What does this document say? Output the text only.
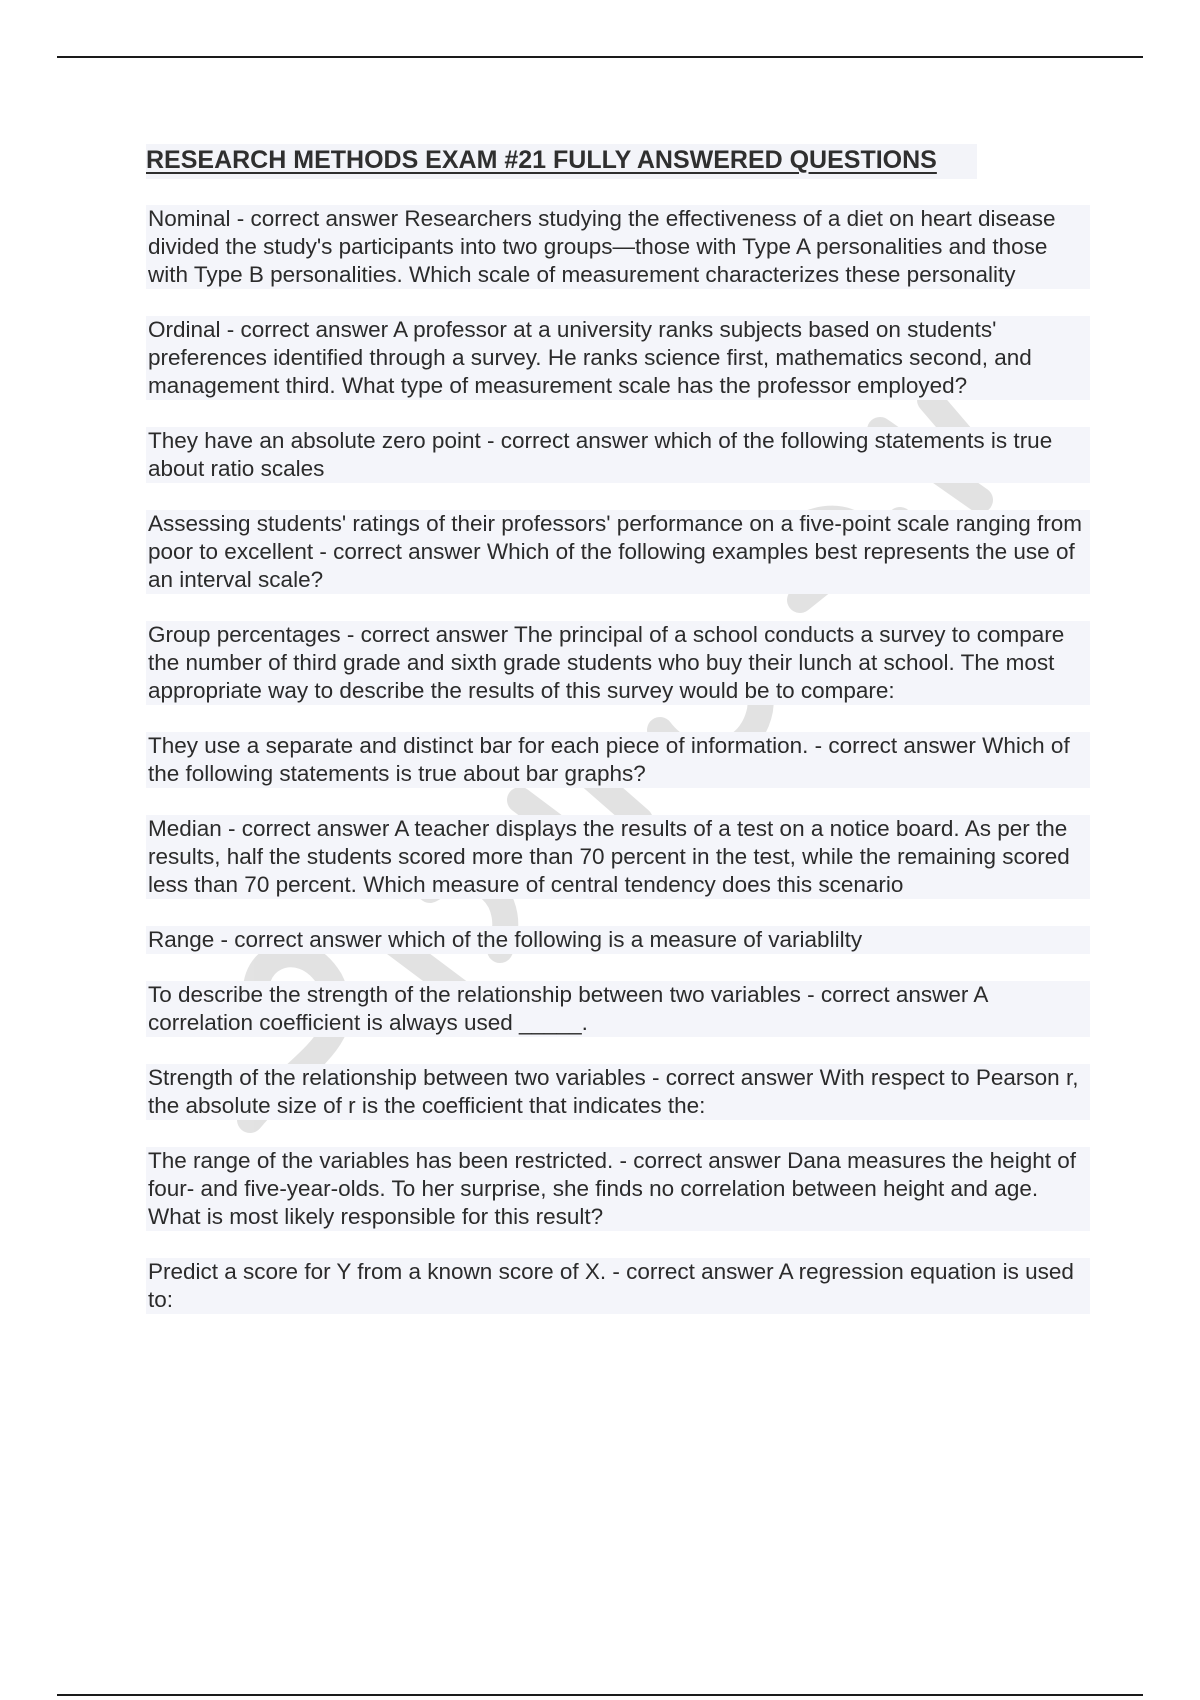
RESEARCH METHODS EXAM #21 FULLY ANSWERED QUESTIONS

Nominal - correct answer Researchers studying the effectiveness of a diet on heart disease divided the study's participants into two groups—those with Type A personalities and those with Type B personalities. Which scale of measurement characterizes these personality

Ordinal - correct answer A professor at a university ranks subjects based on students' preferences identified through a survey. He ranks science first, mathematics second, and management third. What type of measurement scale has the professor employed?

They have an absolute zero point - correct answer which of the following statements is true about ratio scales

Assessing students' ratings of their professors' performance on a five-point scale ranging from poor to excellent - correct answer Which of the following examples best represents the use of an interval scale?

Group percentages - correct answer The principal of a school conducts a survey to compare the number of third grade and sixth grade students who buy their lunch at school. The most appropriate way to describe the results of this survey would be to compare:

They use a separate and distinct bar for each piece of information. - correct answer Which of the following statements is true about bar graphs?

Median - correct answer A teacher displays the results of a test on a notice board. As per the results, half the students scored more than 70 percent in the test, while the remaining scored less than 70 percent. Which measure of central tendency does this scenario

Range - correct answer which of the following is a measure of variablilty

To describe the strength of the relationship between two variables - correct answer A correlation coefficient is always used _____.

Strength of the relationship between two variables - correct answer With respect to Pearson r, the absolute size of r is the coefficient that indicates the:

The range of the variables has been restricted. - correct answer Dana measures the height of four- and five-year-olds. To her surprise, she finds no correlation between height and age. What is most likely responsible for this result?

Predict a score for Y from a known score of X. - correct answer A regression equation is used to:
